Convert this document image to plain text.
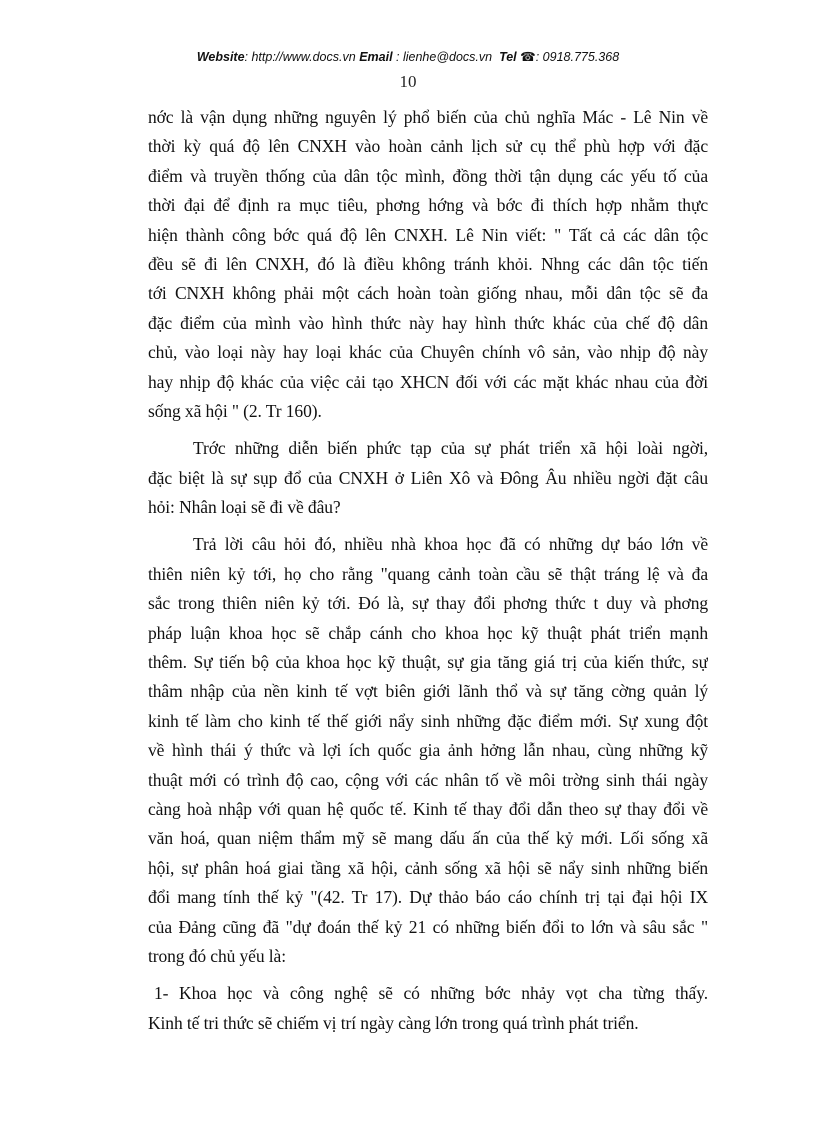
Website: http://www.docs.vn Email : lienhe@docs.vn Tel ☎: 0918.775.368
10
nớc là vận dụng những nguyên lý phổ biến của chủ nghĩa Mác - Lê Nin về
thời kỳ quá độ lên CNXH vào hoàn cảnh lịch sử cụ thể phù hợp với đặc
điểm và truyền thống của dân tộc mình, đồng thời tận dụng các yếu tố của
thời đại để định ra mục tiêu, phơng hớng và bớc đi thích hợp nhằm thực
hiện thành công bớc quá độ lên CNXH. Lê Nin viết: " Tất cả các dân tộc
đều sẽ đi lên CNXH, đó là điều không tránh khỏi. Nhng các dân tộc tiến
tới CNXH không phải một cách hoàn toàn giống nhau, mỗi dân tộc sẽ đa
đặc điểm của mình vào hình thức này hay hình thức khác của chế độ dân
chủ, vào loại này hay loại khác của Chuyên chính vô sản, vào nhịp độ này
hay nhịp độ khác của việc cải tạo XHCN đối với các mặt khác nhau của đời
sống xã hội " (2. Tr 160).
Trớc những diễn biến phức tạp của sự phát triển xã hội loài ngời,
đặc biệt là sự sụp đổ của CNXH ở Liên Xô và Đông Âu nhiều ngời đặt câu
hỏi: Nhân loại sẽ đi về đâu?
Trả lời câu hỏi đó, nhiều nhà khoa học đã có những dự báo lớn về
thiên niên kỷ tới, họ cho rằng "quang cảnh toàn cầu sẽ thật tráng lệ và đa
sắc trong thiên niên kỷ tới. Đó là, sự thay đổi phơng thức t duy và phơng
pháp luận khoa học sẽ chắp cánh cho khoa học kỹ thuật phát triển mạnh
thêm. Sự tiến bộ của khoa học kỹ thuật, sự gia tăng giá trị của kiến thức, sự
thâm nhập của nền kinh tế vợt biên giới lãnh thổ và sự tăng cờng quản lý
kinh tế làm cho kinh tế thế giới nẩy sinh những đặc điểm mới. Sự xung đột
về hình thái ý thức và lợi ích quốc gia ảnh hởng lẫn nhau, cùng những kỹ
thuật mới có trình độ cao, cộng với các nhân tố về môi trờng sinh thái ngày
càng hoà nhập với quan hệ quốc tế. Kinh tế thay đổi dẫn theo sự thay đổi về
văn hoá, quan niệm thẩm mỹ sẽ mang dấu ấn của thế kỷ mới. Lối sống xã
hội, sự phân hoá giai tầng xã hội, cảnh sống xã hội sẽ nẩy sinh những biến
đổi mang tính thế kỷ "(42. Tr 17). Dự thảo báo cáo chính trị tại đại hội IX
của Đảng cũng đã "dự đoán thế kỷ 21 có những biến đổi to lớn và sâu sắc "
trong đó chủ yếu là:
1- Khoa học và công nghệ sẽ có những bớc nhảy vọt cha từng thấy.
Kinh tế tri thức sẽ chiếm vị trí ngày càng lớn trong quá trình phát triển.
